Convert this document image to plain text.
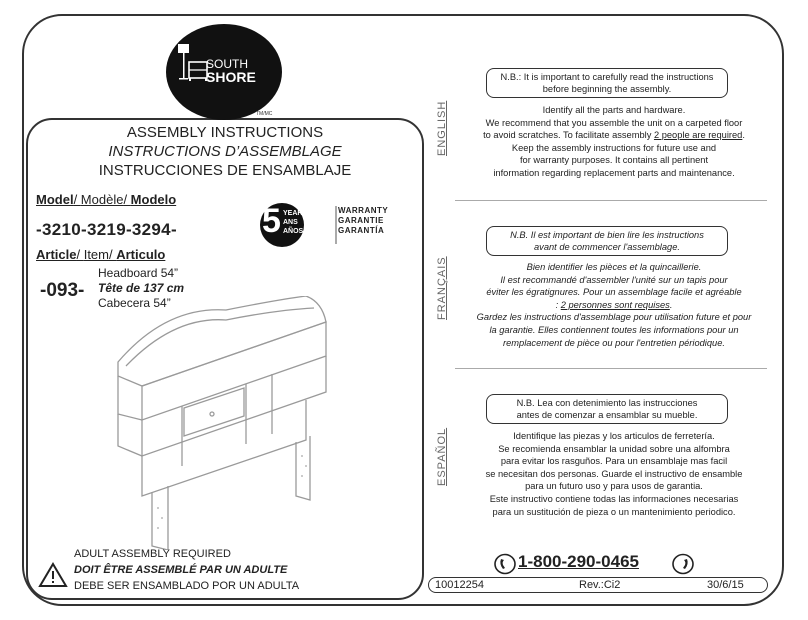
SOUTH
SHORE
TM/MC
ASSEMBLY INSTRUCTIONS
INSTRUCTIONS D’ASSEMBLAGE
INSTRUCCIONES DE ENSAMBLAJE
Model/ Modèle/ Modelo
-3210-3219-3294-
Article/ Item/ Articulo
-093-
Headboard 54”
Tête de 137 cm
Cabecera 54”
5 YEARS
ANS
AÑOS
WARRANTY
GARANTIE
GARANTÍA
ADULT ASSEMBLY REQUIRED
DOIT ÊTRE ASSEMBLÉ PAR UN ADULTE
DEBE SER ENSAMBLADO POR UN ADULTA
ENGLISH
N.B.: It is important to carefully read the instructions
before beginning the assembly.
Identify all the parts and hardware.
We recommend that you assemble the unit on a carpeted floor
to avoid scratches. To facilitate assembly 2 people are required.
Keep the assembly instructions for future use and
for warranty purposes. It contains all pertinent
information regarding replacement parts and maintenance.
FRANÇAIS
N.B. Il est important de bien lire les instructions
avant de commencer l'assemblage.
Bien identifier les pièces et la quincaillerie.
Il est recommandé d'assembler l'unité sur un tapis pour
éviter les égratignures. Pour un assemblage facile et agréable
: 2 personnes sont requises.
Gardez les instructions d'assemblage pour utilisation future et pour
la garantie. Elles contiennent toutes les informations pour un
remplacement de pièce ou pour l'entretien périodique.
ESPAÑOL
N.B. Lea con detenimiento las instrucciones
antes de comenzar a ensamblar su mueble.
Identifique las piezas y los articulos de ferretería.
Se recomienda ensamblar la unidad sobre una alfombra
para evitar los rasguños. Para un ensamblaje mas facil
se necesitan dos personas. Guarde el instructivo de ensamble
para un futuro uso y para usos de garantia.
Este instructivo contiene todas las informaciones necesarias
para un sustitución de pieza o un mantenimiento periodico.
1-800-290-0465
10012254	Rev.:Ci2	30/6/15
